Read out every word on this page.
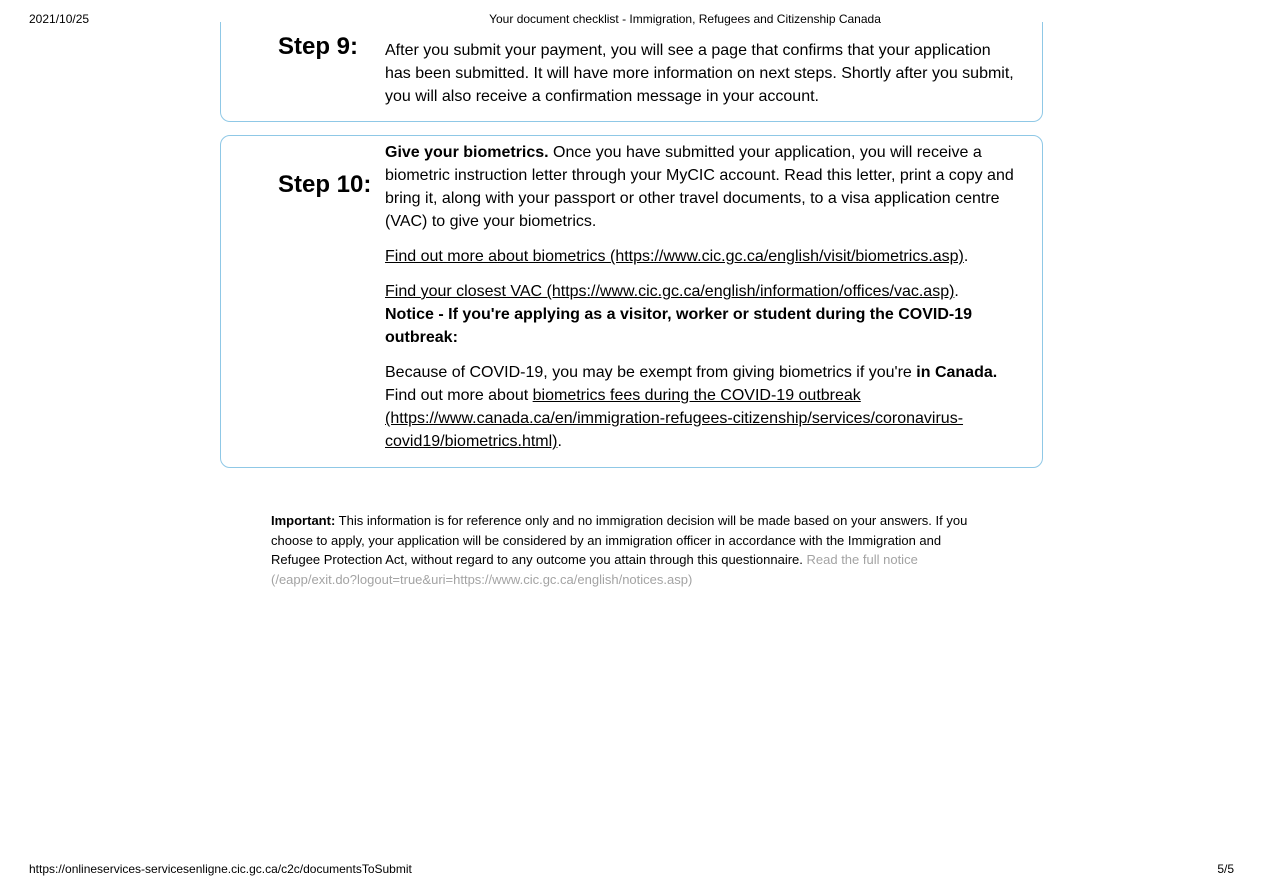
2021/10/25	Your document checklist - Immigration, Refugees and Citizenship Canada
Step 9: After you submit your payment, you will see a page that confirms that your application has been submitted. It will have more information on next steps. Shortly after you submit, you will also receive a confirmation message in your account.

Step 10:

Give your biometrics. Once you have submitted your application, you will receive a biometric instruction letter through your MyCIC account. Read this letter, print a copy and bring it, along with your passport or other travel documents, to a visa application centre (VAC) to give your biometrics.

Find out more about biometrics (https://www.cic.gc.ca/english/visit/biometrics.asp).

Find your closest VAC (https://www.cic.gc.ca/english/information/offices/vac.asp).

Notice - If you're applying as a visitor, worker or student during the COVID-19 outbreak:

Because of COVID-19, you may be exempt from giving biometrics if you're in Canada. Find out more about biometrics fees during the COVID-19 outbreak (https://www.canada.ca/en/immigration-refugees-citizenship/services/coronavirus-covid19/biometrics.html).

Important: This information is for reference only and no immigration decision will be made based on your answers. If you choose to apply, your application will be considered by an immigration officer in accordance with the Immigration and Refugee Protection Act, without regard to any outcome you attain through this questionnaire. Read the full notice (/eapp/exit.do?logout=true&uri=https://www.cic.gc.ca/english/notices.asp)

https://onlineservices-servicesenligne.cic.gc.ca/c2c/documentsToSubmit	5/5
